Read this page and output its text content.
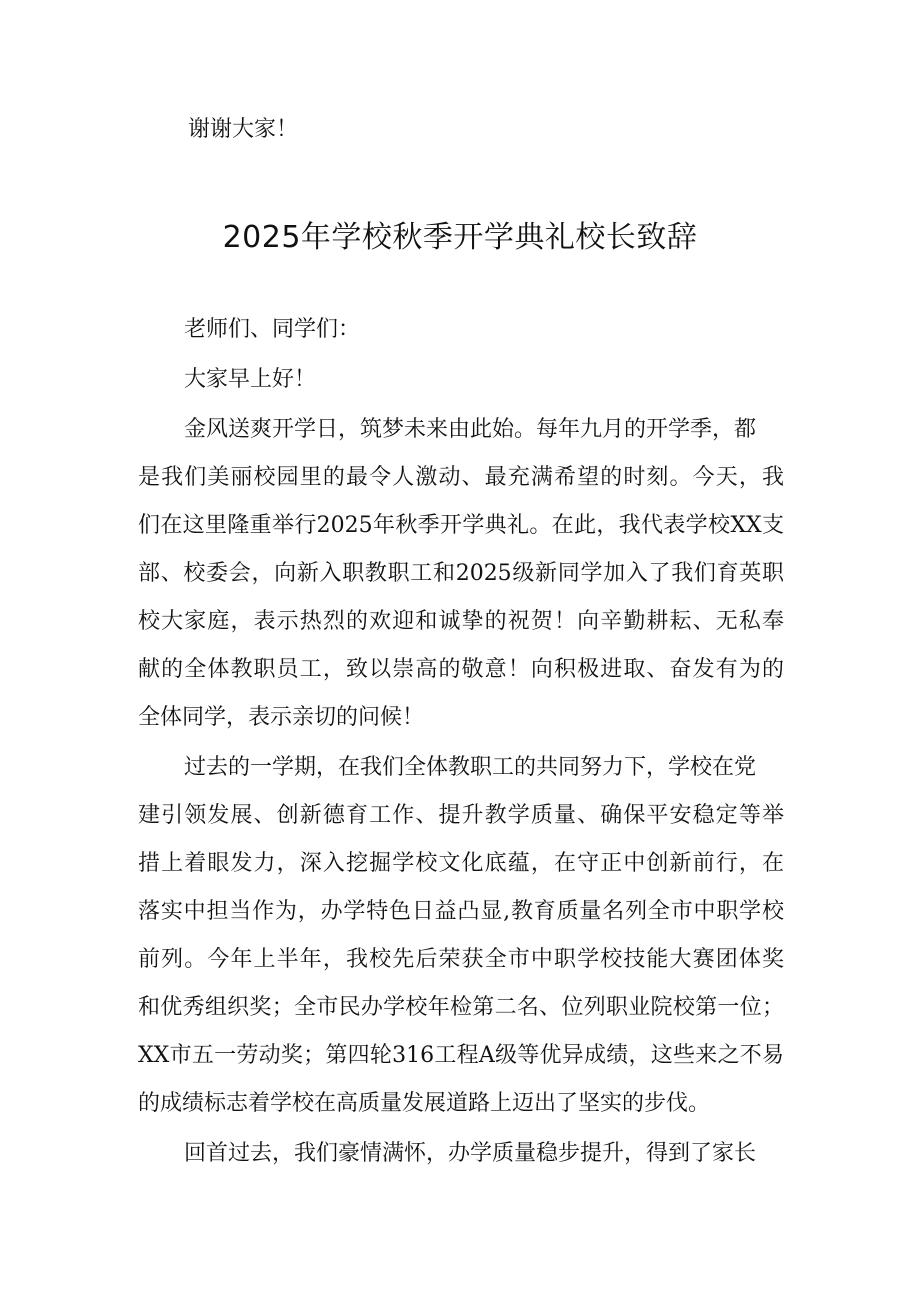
谢谢大家！

2025年学校秋季开学典礼校长致辞

老师们、同学们：

大家早上好！

金风送爽开学日，筑梦未来由此始。每年九月的开学季，都

是我们美丽校园里的最令人激动、最充满希望的时刻。今天，我

们在这里隆重举行2025年秋季开学典礼。在此，我代表学校XX支

部、校委会，向新入职教职工和2025级新同学加入了我们育英职

校大家庭，表示热烈的欢迎和诚挚的祝贺！向辛勤耕耘、无私奉

献的全体教职员工，致以崇高的敬意！向积极进取、奋发有为的

全体同学，表示亲切的问候！

过去的一学期，在我们全体教职工的共同努力下，学校在党

建引领发展、创新德育工作、提升教学质量、确保平安稳定等举

措上着眼发力，深入挖掘学校文化底蕴，在守正中创新前行，在

落实中担当作为，办学特色日益凸显,教育质量名列全市中职学校

前列。今年上半年，我校先后荣获全市中职学校技能大赛团体奖

和优秀组织奖；全市民办学校年检第二名、位列职业院校第一位；

XX市五一劳动奖；第四轮316工程A级等优异成绩，这些来之不易

的成绩标志着学校在高质量发展道路上迈出了坚实的步伐。

回首过去，我们豪情满怀，办学质量稳步提升，得到了家长
